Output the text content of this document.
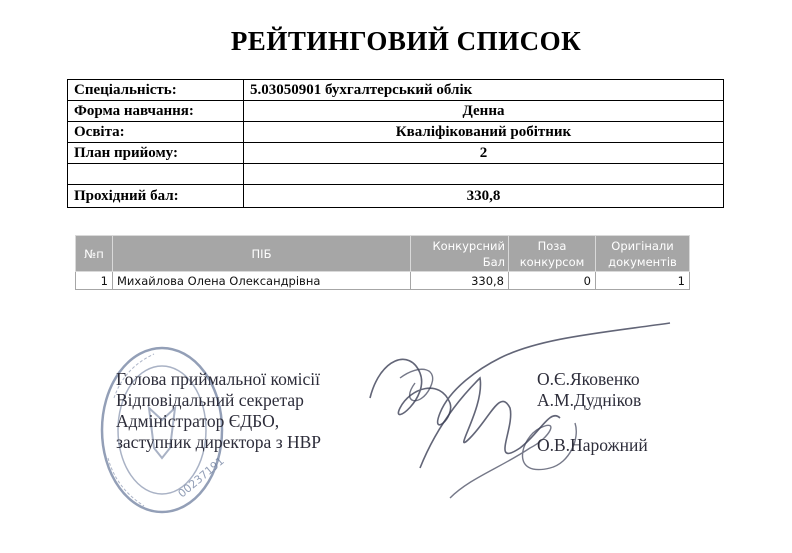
РЕЙТИНГОВИЙ СПИСОК
Спеціальність:	5.03050901 бухгалтерський облік
Форма навчання:	Денна
Освіта:	Кваліфікований робітник
План прийому:	2

Прохідний бал:	330,8
№п	ПІБ	Конкурсний Бал	Поза конкурсом	Оригінали документів
1	Михайлова Олена Олександрівна	330,8	0	1
00237191
Голова приймальної комісії
Відповідальний секретар
Адміністратор ЄДБО,
заступник директора з НВР
О.Є.Яковенко
А.М.Дудніков
О.В.Нарожний
